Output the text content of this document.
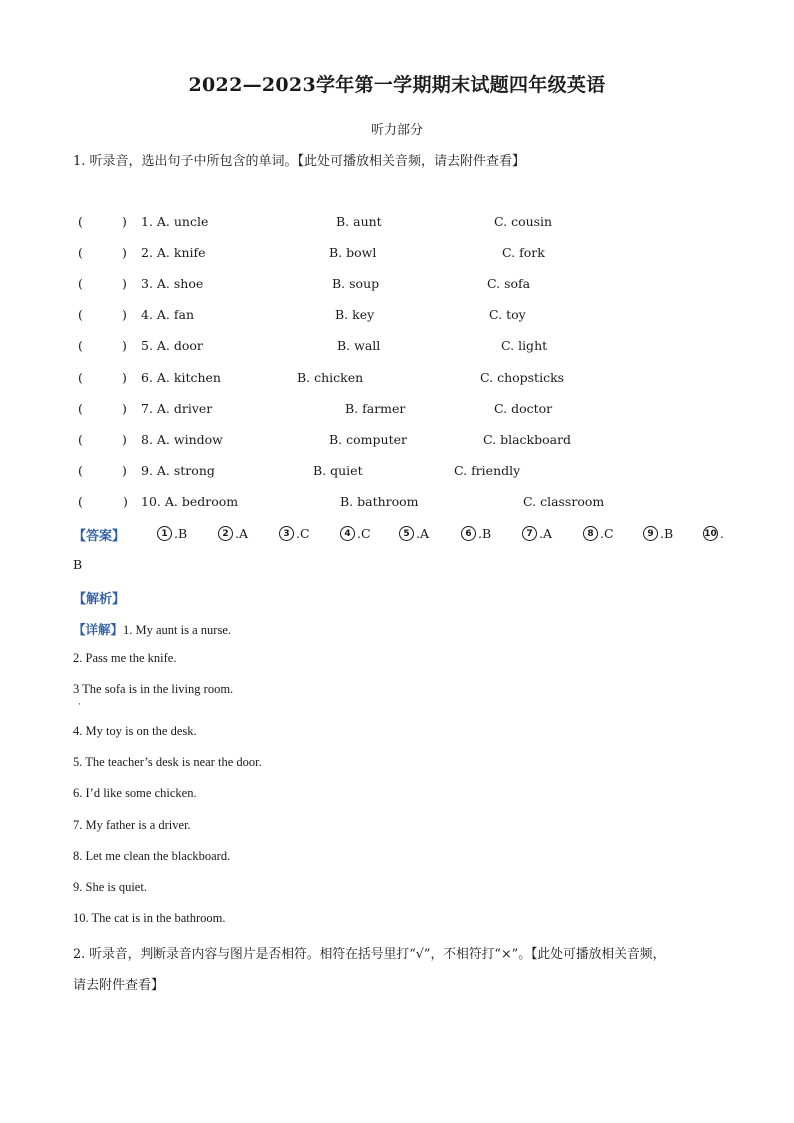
2022—2023学年第一学期期末试题四年级英语
听力部分
1. 听录音，选出句子中所包含的单词。【此处可播放相关音频，请去附件查看】
(	) 1. A. uncle	B. aunt	C. cousin
(	) 2. A. knife	B. bowl	C. fork
(	) 3. A. shoe	B. soup	C. sofa
(	) 4. A. fan	B. key	C. toy
(	) 5. A. door	B. wall	C. light
(	) 6. A. kitchen	B. chicken	C. chopsticks
(	) 7. A. driver	B. farmer	C. doctor
(	) 8. A. window	B. computer	C. blackboard
(	) 9. A. strong	B. quiet	C. friendly
(	) 10. A. bedroom	B. bathroom	C. classroom
【答案】	1 .B	2 .A	3 .C	4 .C	5 .A	6 .B	7 .A	8 .C	9 .B	10 .
B
【解析】
【详解】1. My aunt is a nurse.
2. Pass me the knife.
3 The sofa is in the living room.
·
4. My toy is on the desk.
5. The teacher’s desk is near the door.
6. I’d like some chicken.
7. My father is a driver.
8. Let me clean the blackboard.
9. She is quiet.
10. The cat is in the bathroom.
2. 听录音，判断录音内容与图片是否相符。相符在括号里打“√”，不相符打“×”。【此处可播放相关音频，
请去附件查看】
